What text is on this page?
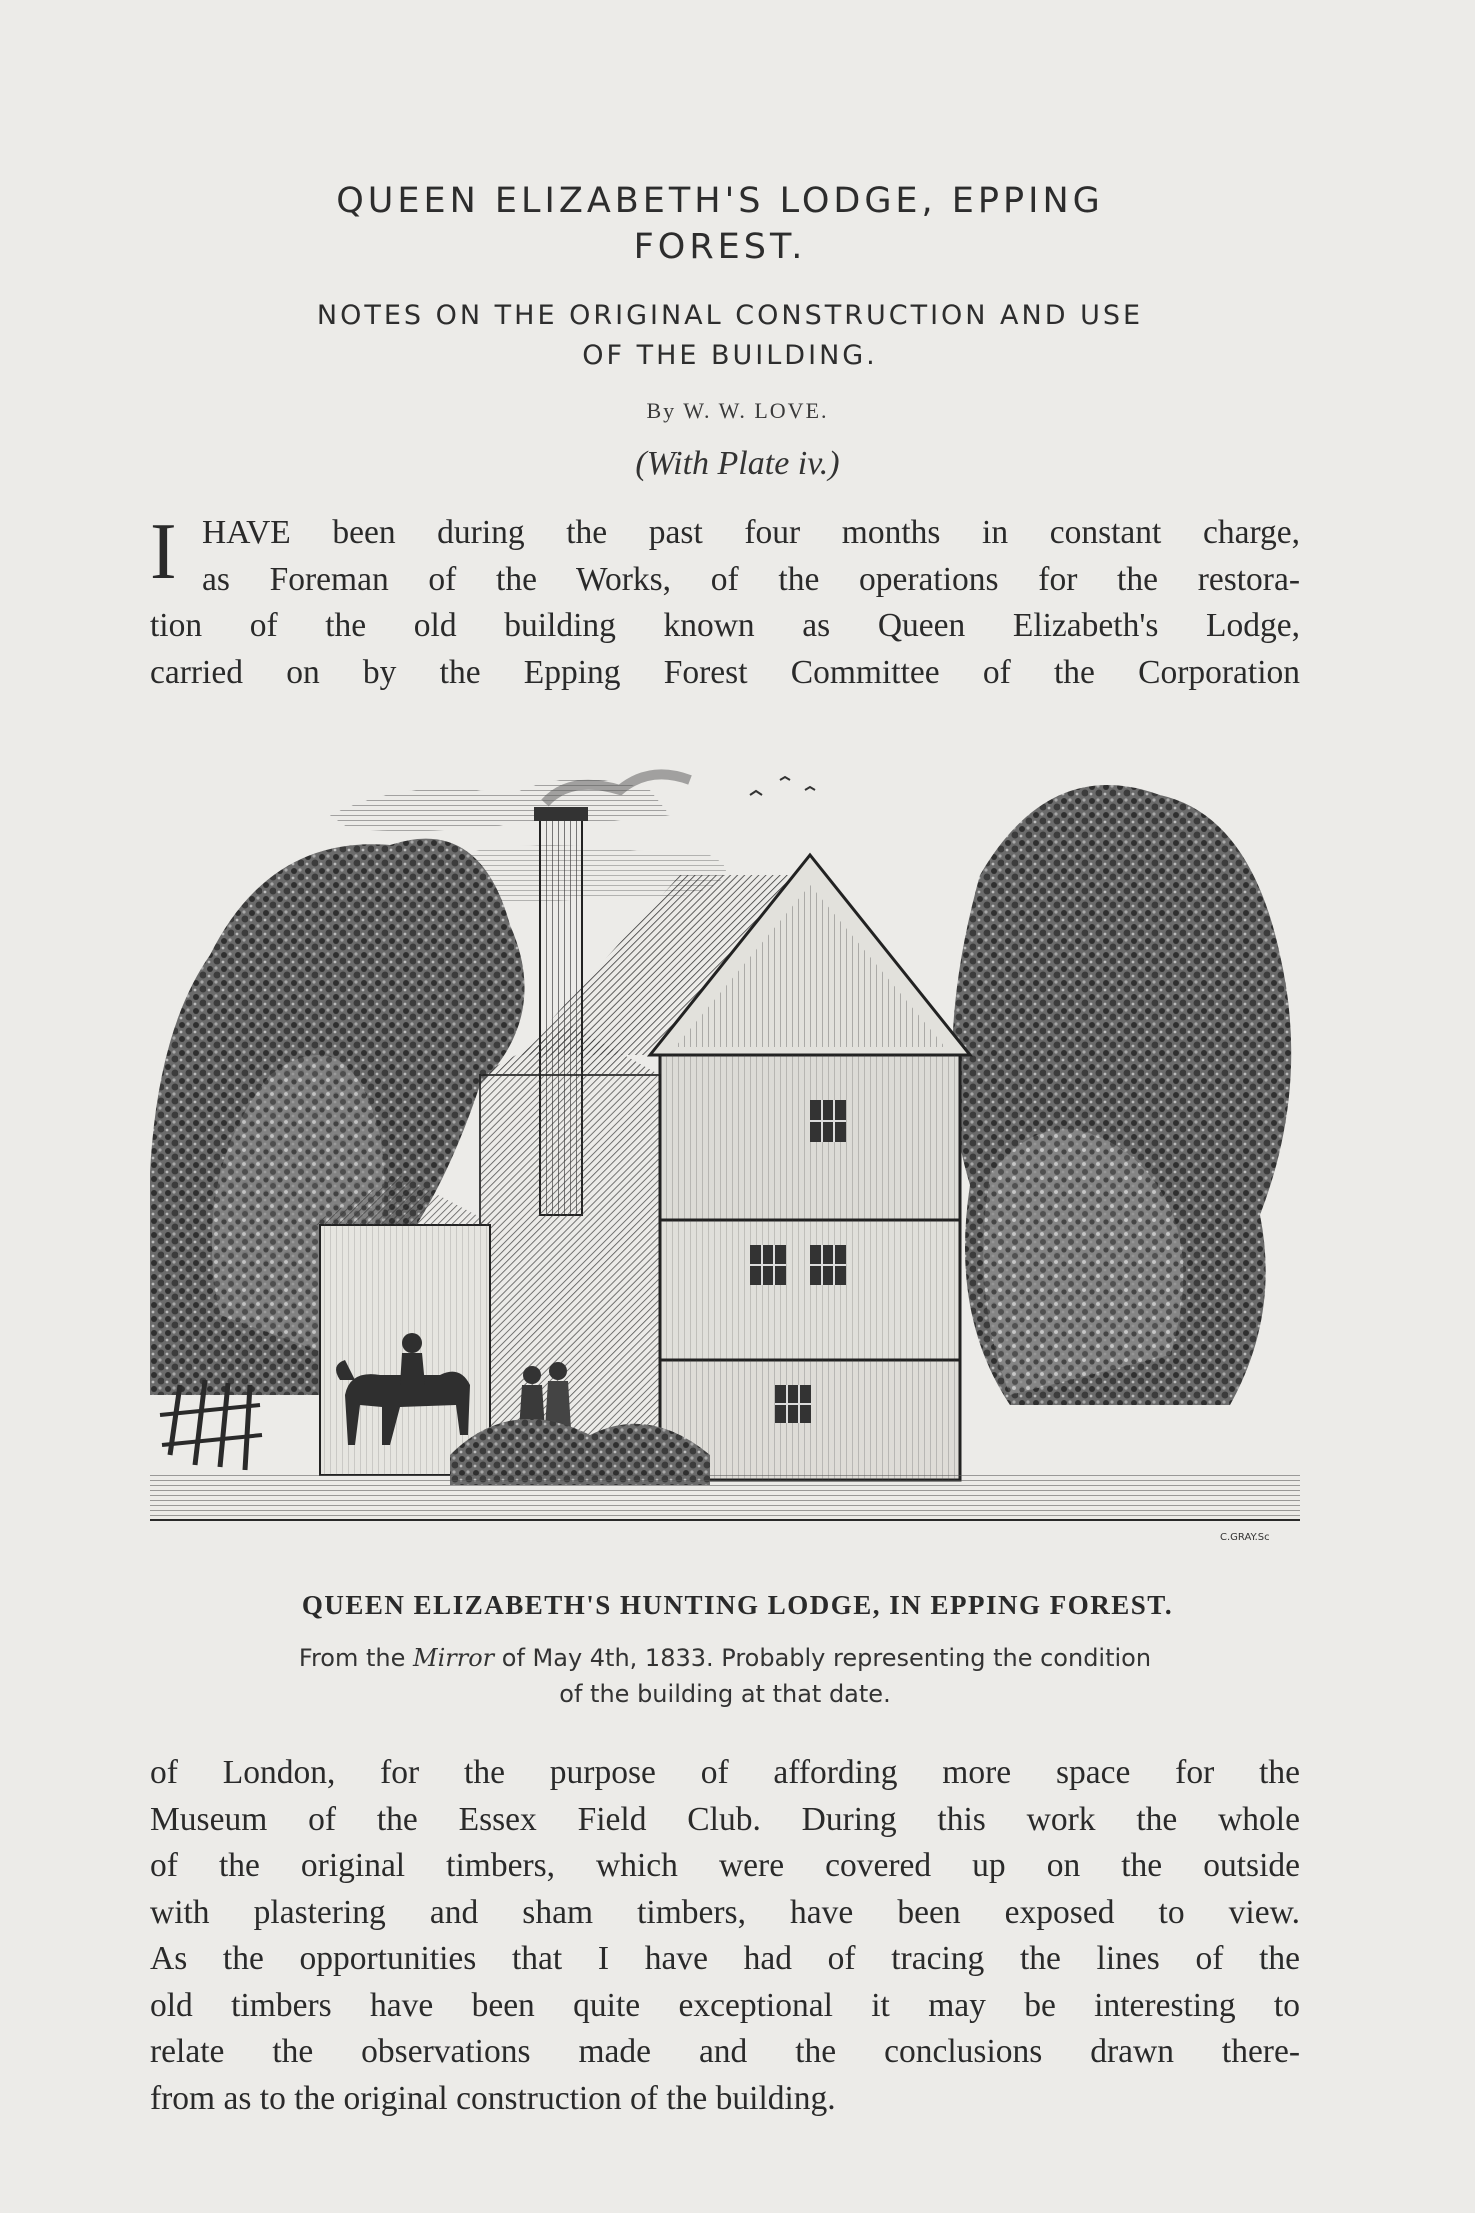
QUEEN ELIZABETH'S LODGE, EPPING
FOREST.
NOTES ON THE ORIGINAL CONSTRUCTION AND USE
OF THE BUILDING.
By W. W. LOVE.
(With Plate iv.)
I HAVE been during the past four months in constant charge,
as Foreman of the Works, of the operations for the restora-
tion of the old building known as Queen Elizabeth's Lodge,
carried on by the Epping Forest Committee of the Corporation
C.GRAY.Sc
QUEEN ELIZABETH'S HUNTING LODGE, IN EPPING FOREST.
From the Mirror of May 4th, 1833. Probably representing the condition
of the building at that date.
of London, for the purpose of affording more space for the
Museum of the Essex Field Club. During this work the whole
of the original timbers, which were covered up on the outside
with plastering and sham timbers, have been exposed to view.
As the opportunities that I have had of tracing the lines of the
old timbers have been quite exceptional it may be interesting to
relate the observations made and the conclusions drawn there-
from as to the original construction of the building.
